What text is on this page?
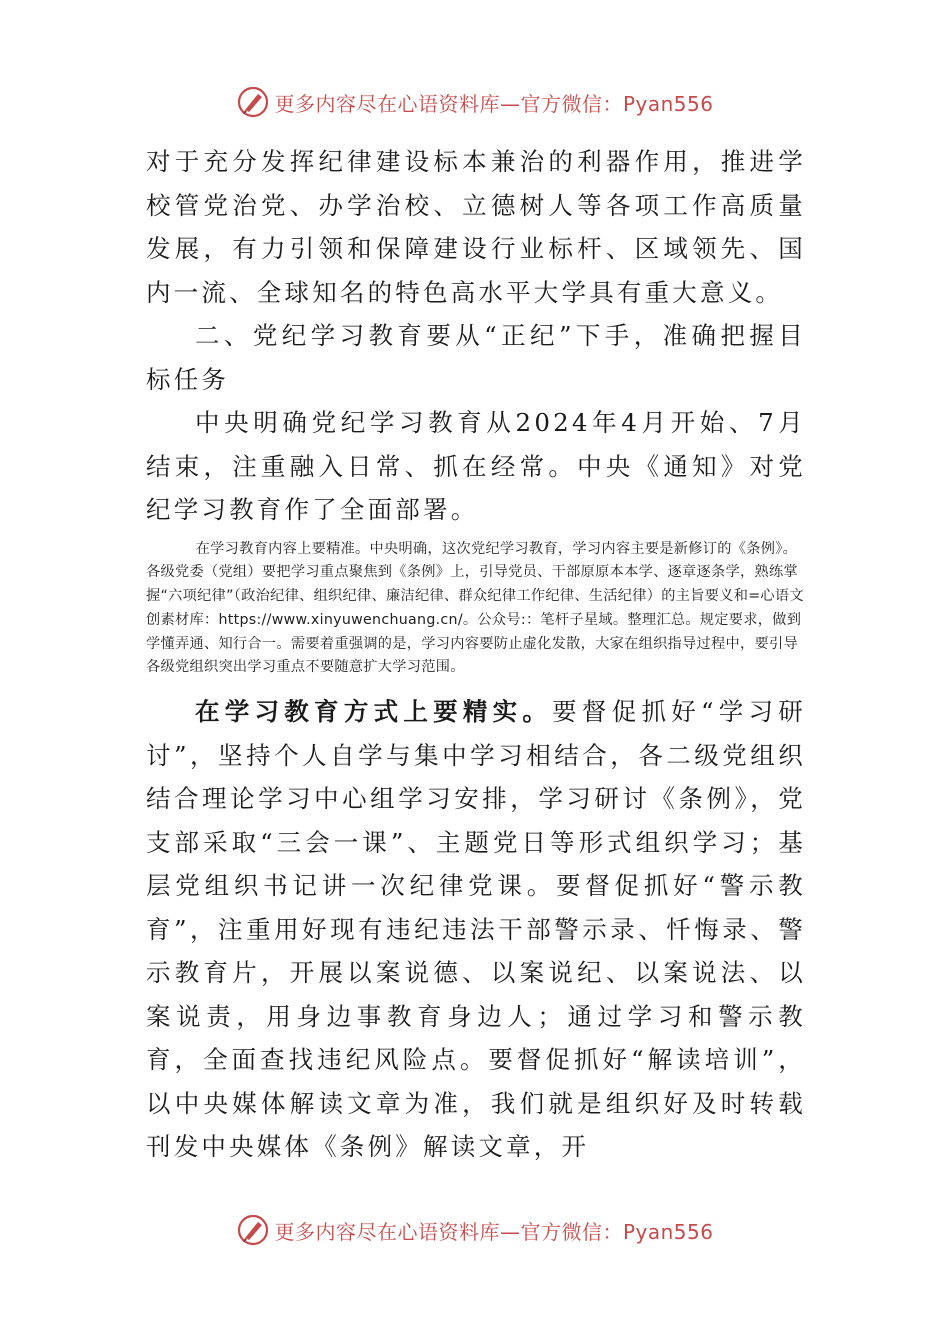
更多内容尽在心语资料库—官方微信：Pyan556

对于充分发挥纪律建设标本兼治的利器作用，推进学校管党治党、办学治校、立德树人等各项工作高质量发展，有力引领和保障建设行业标杆、区域领先、国内一流、全球知名的特色高水平大学具有重大意义。

二、党纪学习教育要从“正纪”下手，准确把握目标任务

中央明确党纪学习教育从2024年4月开始、7月结束，注重融入日常、抓在经常。中央《通知》对党纪学习教育作了全面部署。

在学习教育内容上要精准。中央明确，这次党纪学习教育，学习内容主要是新修订的《条例》。各级党委（党组）要把学习重点聚焦到《条例》上，引导党员、干部原原本本学、逐章逐条学，熟练掌握“六项纪律”（政治纪律、组织纪律、廉洁纪律、群众纪律工作纪律、生活纪律）的主旨要义和=心语文创素材库：https://www.xinyuwenchuang.cn/。公众号:：笔杆子星域。整理汇总。规定要求，做到学懂弄通、知行合一。需要着重强调的是，学习内容要防止虚化发散，大家在组织指导过程中，要引导各级党组织突出学习重点不要随意扩大学习范围。

在学习教育方式上要精实。要督促抓好“学习研讨”，坚持个人自学与集中学习相结合，各二级党组织结合理论学习中心组学习安排，学习研讨《条例》，党支部采取“三会一课”、主题党日等形式组织学习；基层党组织书记讲一次纪律党课。要督促抓好“警示教育”，注重用好现有违纪违法干部警示录、忏悔录、警示教育片，开展以案说德、以案说纪、以案说法、以案说责，用身边事教育身边人；通过学习和警示教育，全面查找违纪风险点。要督促抓好“解读培训”，以中央媒体解读文章为准，我们就是组织好及时转载刊发中央媒体《条例》解读文章，开

更多内容尽在心语资料库—官方微信：Pyan556
